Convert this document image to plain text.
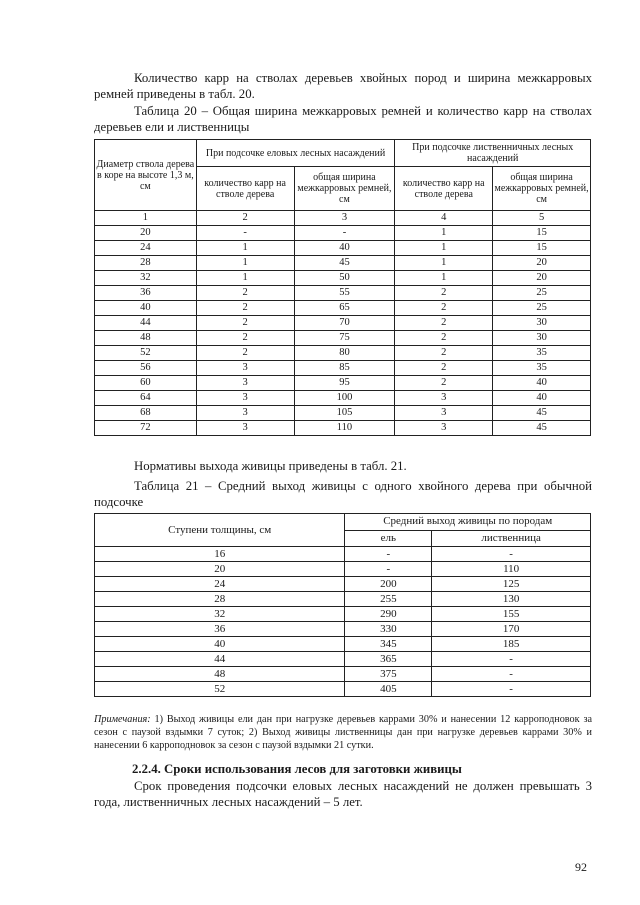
Количество карр на стволах деревьев хвойных пород и ширина межкарровых ремней приведены в табл. 20.

Таблица 20 – Общая ширина межкарровых ремней и количество карр на стволах деревьев ели и лиственницы

Диаметр ствола дерева в коре на высоте 1,3 м, см	При подсочке еловых лесных насаждений		При подсочке лиственничных лесных насаждений	
	количество карр на стволе дерева	общая ширина межкарровых ремней, см	количество карр на стволе дерева	общая ширина межкарровых ремней, см
1	2	3	4	5
20	-	-	1	15
24	1	40	1	15
28	1	45	1	20
32	1	50	1	20
36	2	55	2	25
40	2	65	2	25
44	2	70	2	30
48	2	75	2	30
52	2	80	2	35
56	3	85	2	35
60	3	95	2	40
64	3	100	3	40
68	3	105	3	45
72	3	110	3	45

Нормативы выхода живицы приведены в табл. 21.

Таблица 21 – Средний выход живицы с одного хвойного дерева при обычной подсочке

Ступени толщины, см	Средний выход живицы по породам	
	ель	лиственница
16	-	-
20	-	110
24	200	125
28	255	130
32	290	155
36	330	170
40	345	185
44	365	-
48	375	-
52	405	-
Примечания: 1) Выход живицы ели дан при нагрузке деревьев каррами 30% и нанесении 12 карроподновок за сезон с паузой вздымки 7 суток; 2) Выход живицы лиственницы дан при нагрузке деревьев каррами 30% и нанесении 6 карроподновок за сезон с паузой вздымки 21 сутки.
2.2.4. Сроки использования лесов для заготовки живицы

Срок проведения подсочки еловых лесных насаждений не должен превышать 3 года, лиственничных лесных насаждений – 5 лет.

92
